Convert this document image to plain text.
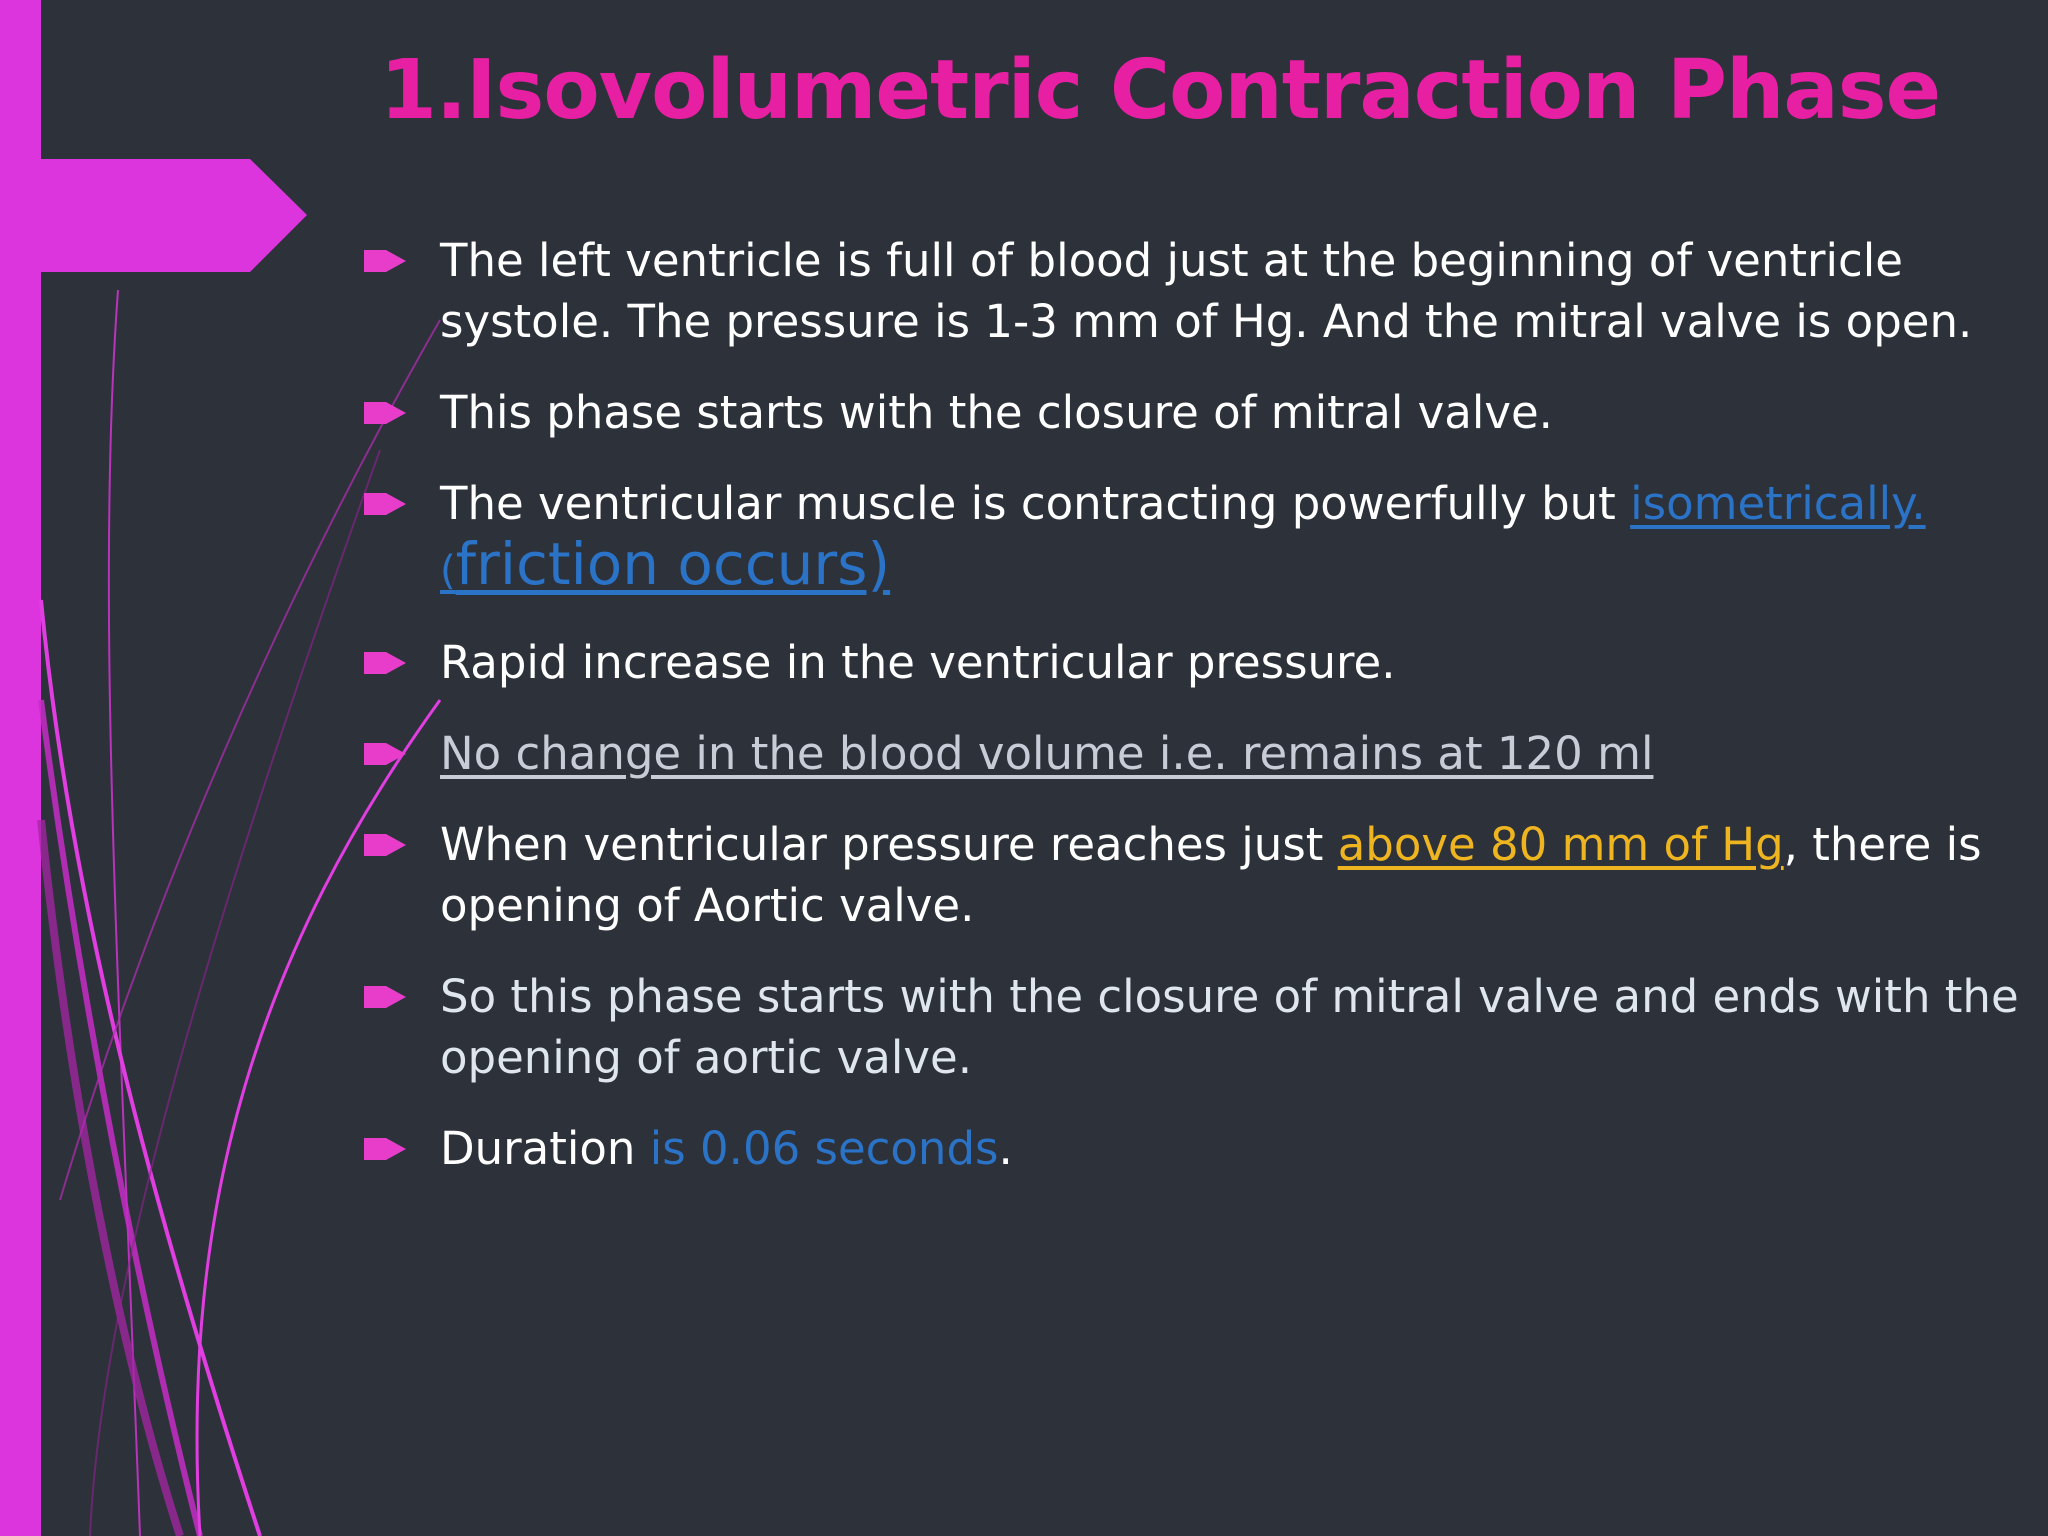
1.Isovolumetric Contraction Phase
The left ventricle is full of blood just at the beginning of ventricle systole. The pressure is 1-3 mm of Hg. And the mitral valve is open.
This phase starts with the closure of mitral valve.
The ventricular muscle is contracting powerfully but isometrically.
(friction occurs)
Rapid increase in the ventricular pressure.
No change in the blood volume i.e. remains at 120 ml
When ventricular pressure reaches just above 80 mm of Hg, there is opening of Aortic valve.
So this phase starts with the closure of mitral valve and ends with the opening of aortic valve.
Duration is 0.06 seconds.
